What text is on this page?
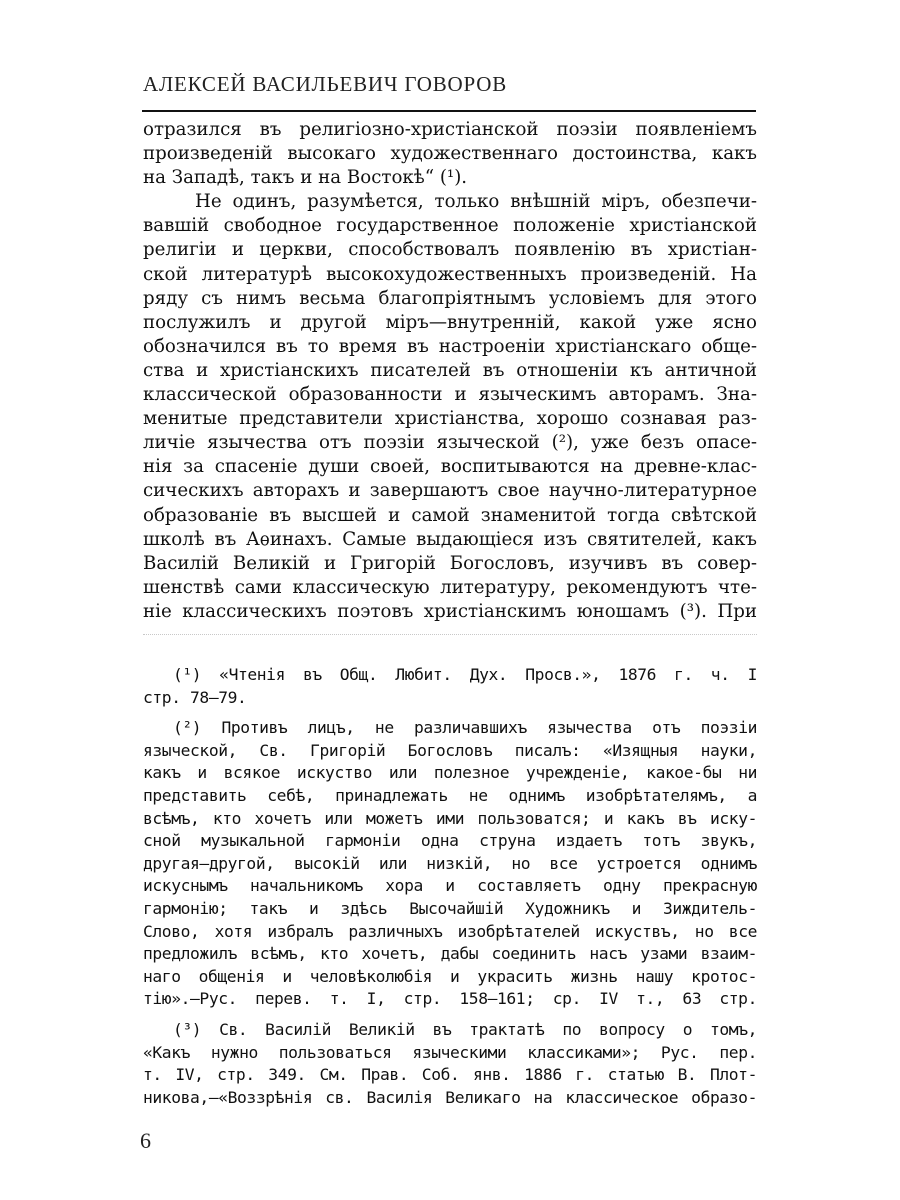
АЛЕКСЕЙ ВАСИЛЬЕВИЧ ГОВОРОВ
отразился въ религіозно-христіанской поэзіи появленіемъ
произведеній высокаго художественнаго достоинства, какъ
на Западѣ, такъ и на Востокѣ“ (¹).
Не одинъ, разумѣется, только внѣшній міръ, обезпечи-
вавшій свободное государственное положеніе христіанской
религіи и церкви, способствовалъ появленію въ христіан-
ской литературѣ высокохудожественныхъ произведеній. На
ряду съ нимъ весьма благопріятнымъ условіемъ для этого
послужилъ и другой міръ—внутренній, какой уже ясно
обозначился въ то время въ настроеніи христіанскаго обще-
ства и христіанскихъ писателей въ отношеніи къ античной
классической образованности и языческимъ авторамъ. Зна-
менитые представители христіанства, хорошо сознавая раз-
личіе язычества отъ поэзіи языческой (²), уже безъ опасе-
нія за спасеніе души своей, воспитываются на древне-клас-
сическихъ авторахъ и завершаютъ свое научно-литературное
образованіе въ высшей и самой знаменитой тогда свѣтской
школѣ въ Аѳинахъ. Самые выдающіеся изъ святителей, какъ
Василій Великій и Григорій Богословъ, изучивъ въ совер-
шенствѣ сами классическую литературу, рекомендуютъ чте-
ніе классическихъ поэтовъ христіанскимъ юношамъ (³). При
(¹) «Чтенія въ Общ. Любит. Дух. Просв.», 1876 г. ч. I
стр. 78—79.
(²) Противъ лицъ, не различавшихъ язычества отъ поэзіи
языческой, Св. Григорій Богословъ писалъ: «Изящныя науки,
какъ и всякое искуство или полезное учрежденіе, какое-бы ни
представить себѣ, принадлежать не однимъ изобрѣтателямъ, а
всѣмъ, кто хочетъ или можетъ ими пользоватся; и какъ въ иску-
сной музыкальной гармоніи одна струна издаетъ тотъ звукъ,
другая—другой, высокій или низкій, но все устроется однимъ
искуснымъ начальникомъ хора и составляетъ одну прекрасную
гармонію; такъ и здѣсь Высочайшій Художникъ и Зиждитель-
Слово, хотя избралъ различныхъ изобрѣтателей искуствъ, но все
предложилъ всѣмъ, кто хочетъ, дабы соединить насъ узами взаим-
наго общенія и человѣколюбія и украсить жизнь нашу кротос-
тію».—Рус. перев. т. I, стр. 158—161; ср. IV т., 63 стр.
(³) Св. Василій Великій въ трактатѣ по вопросу о томъ,
«Какъ нужно пользоваться языческими классиками»; Рус. пер.
т. IV, стр. 349. См. Прав. Соб. янв. 1886 г. статью В. Плот-
никова,—«Воззрѣнія св. Василія Великаго на классическое образо-
6
